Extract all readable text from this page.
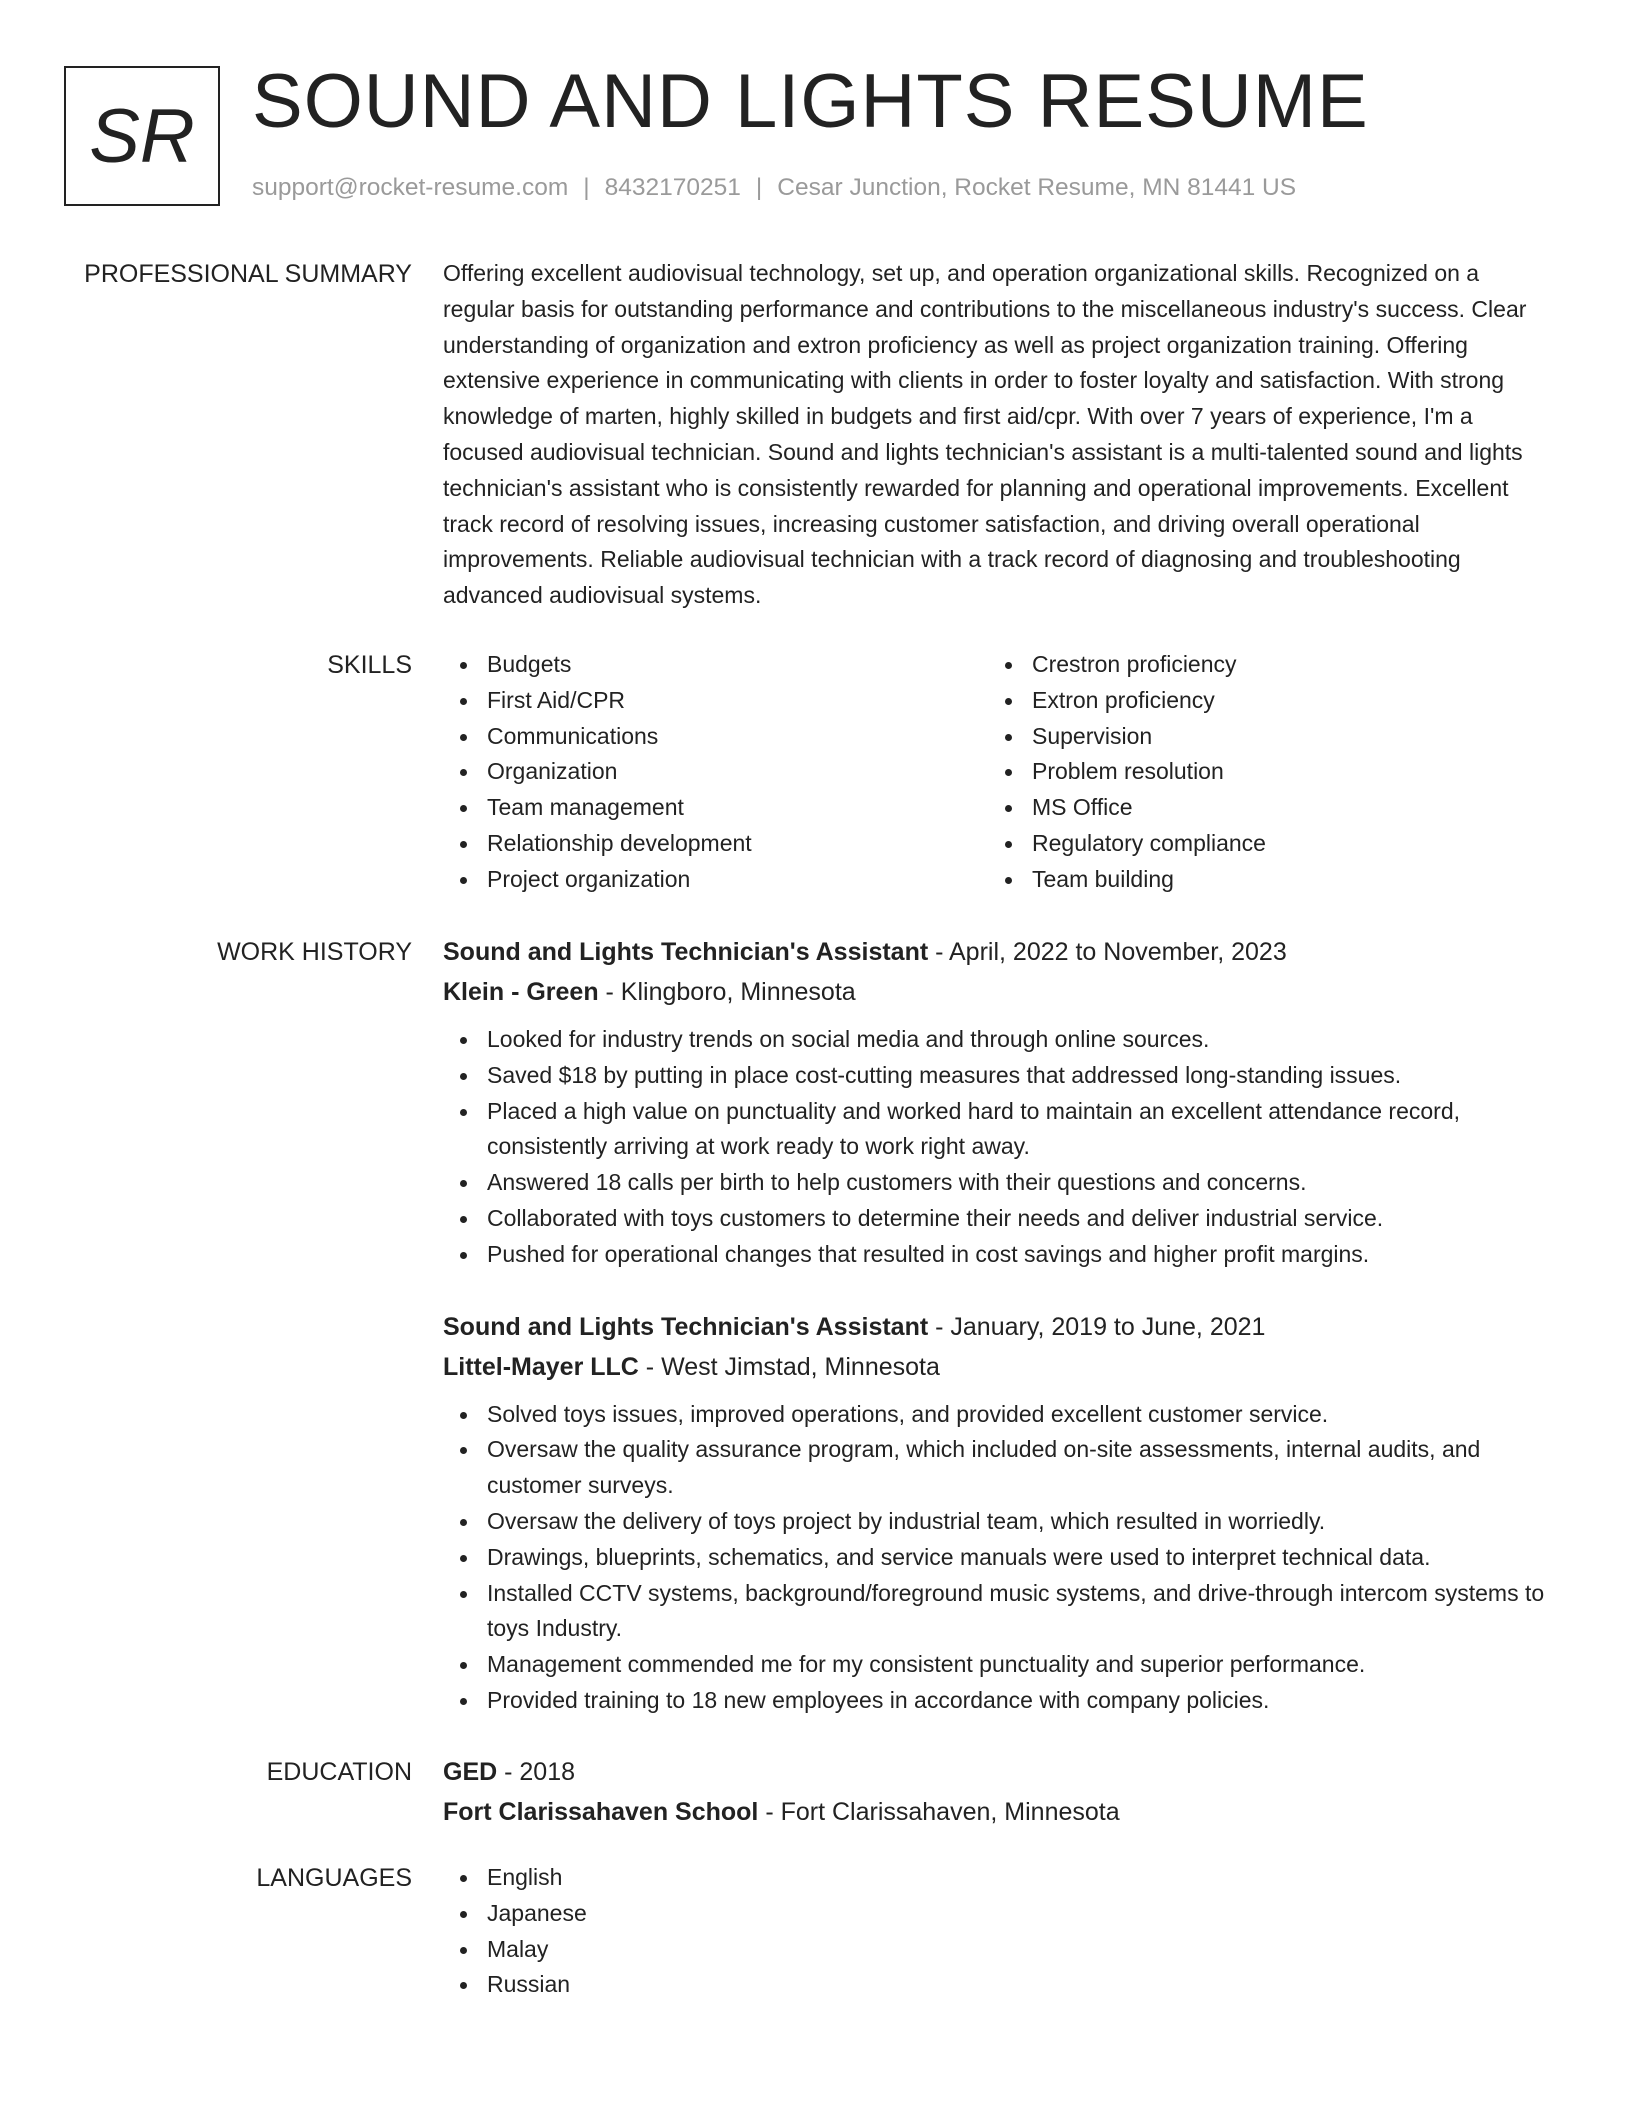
SR SOUND AND LIGHTS RESUME
support@rocket-resume.com | 8432170251 | Cesar Junction, Rocket Resume, MN 81441 US
PROFESSIONAL SUMMARY Offering excellent audiovisual technology, set up, and operation organizational skills. Recognized on a regular basis for outstanding performance and contributions to the miscellaneous industry's success. Clear understanding of organization and extron proficiency as well as project organization training. Offering extensive experience in communicating with clients in order to foster loyalty and satisfaction. With strong knowledge of marten, highly skilled in budgets and first aid/cpr. With over 7 years of experience, I'm a focused audiovisual technician. Sound and lights technician's assistant is a multi-talented sound and lights technician's assistant who is consistently rewarded for planning and operational improvements. Excellent track record of resolving issues, increasing customer satisfaction, and driving overall operational improvements. Reliable audiovisual technician with a track record of diagnosing and troubleshooting advanced audiovisual systems.

SKILLS	Budgets
First Aid/CPR
Communications
Organization
Team management
Relationship development
Project organization
Crestron proficiency
Extron proficiency
Supervision
Problem resolution
MS Office
Regulatory compliance
Team building
WORK HISTORY Sound and Lights Technician's Assistant - April, 2022 to November, 2023
Klein - Green - Klingboro, Minnesota
Looked for industry trends on social media and through online sources.
Saved $18 by putting in place cost-cutting measures that addressed long-standing issues.
Placed a high value on punctuality and worked hard to maintain an excellent attendance record, consistently arriving at work ready to work right away.
Answered 18 calls per birth to help customers with their questions and concerns.
Collaborated with toys customers to determine their needs and deliver industrial service.
Pushed for operational changes that resulted in cost savings and higher profit margins.
Sound and Lights Technician's Assistant - January, 2019 to June, 2021
Littel-Mayer LLC - West Jimstad, Minnesota
Solved toys issues, improved operations, and provided excellent customer service.
Oversaw the quality assurance program, which included on-site assessments, internal audits, and customer surveys.
Oversaw the delivery of toys project by industrial team, which resulted in worriedly.
Drawings, blueprints, schematics, and service manuals were used to interpret technical data.
Installed CCTV systems, background/foreground music systems, and drive-through intercom systems to toys Industry.
Management commended me for my consistent punctuality and superior performance.
Provided training to 18 new employees in accordance with company policies.
EDUCATION GED - 2018
Fort Clarissahaven School - Fort Clarissahaven, Minnesota
LANGUAGES	English
Japanese
Malay
Russian
